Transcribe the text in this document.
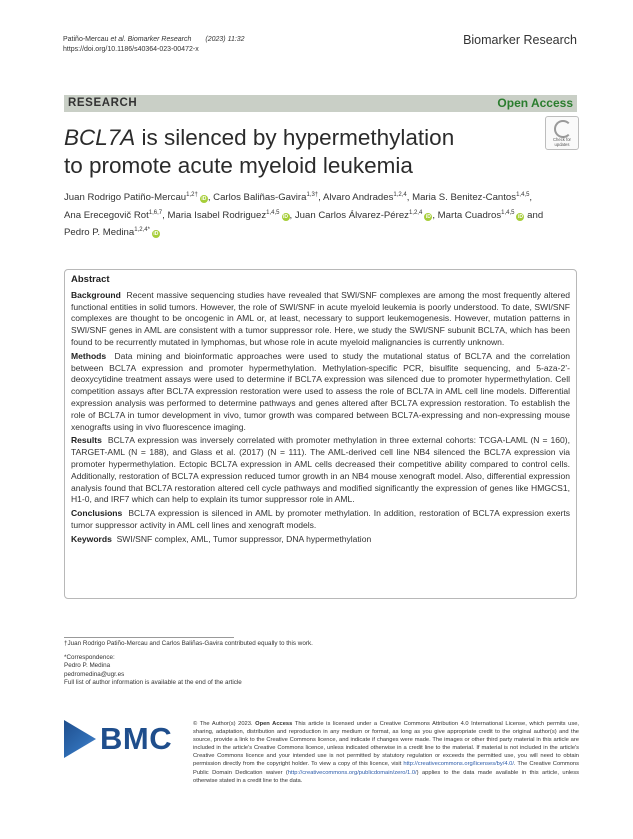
Patiño-Mercau et al. Biomarker Research (2023) 11:32
https://doi.org/10.1186/s40364-023-00472-x
Biomarker Research
RESEARCH	Open Access
BCL7A is silenced by hypermethylation
to promote acute myeloid leukemia
Check for
updates
Juan Rodrigo Patiño-Mercau$^{1,2\dagger}$iD , Carlos Baliñas-Gavira$^{1,3\dagger}$, Alvaro Andrades$^{1,2,4}$, Maria S. Benitez-Cantos$^{1,4,5}$,
Ana Erecegovič Rot$^{1,6,7}$, Maria Isabel Rodriguez$^{1,4,5}$iD , Juan Carlos Álvarez-Pérez$^{1,2,4}$iD , Marta Cuadros$^{1,4,5}$iD and
Pedro P. Medina$^{1,2,4*}$iD
Abstract

Background Recent massive sequencing studies have revealed that SWI/SNF complexes are among the most frequently altered functional entities in solid tumors. However, the role of SWI/SNF in acute myeloid leukemia is poorly understood. To date, SWI/SNF complexes are thought to be oncogenic in AML or, at least, necessary to support leukemogenesis. However, mutation patterns in SWI/SNF genes in AML are consistent with a tumor suppressor role. Here, we study the SWI/SNF subunit BCL7A, which has been found to be recurrently mutated in lymphomas, but whose role in acute myeloid malignancies is currently unknown.

Methods Data mining and bioinformatic approaches were used to study the mutational status of BCL7A and the correlation between BCL7A expression and promoter hypermethylation. Methylation-specific PCR, bisulfite sequencing, and 5-aza-2’-deoxycytidine treatment assays were used to determine if BCL7A expression was silenced due to promoter hypermethylation. Cell competition assays after BCL7A expression restoration were used to assess the role of BCL7A in AML cell line models. Differential expression analysis was performed to determine pathways and genes altered after BCL7A expression restoration. To establish the role of BCL7A in tumor development in vivo, tumor growth was compared between BCL7A-expressing and non-expressing mouse xenografts using in vivo fluorescence imaging.

Results BCL7A expression was inversely correlated with promoter methylation in three external cohorts: TCGA-LAML (N = 160), TARGET-AML (N = 188), and Glass et al. (2017) (N = 111). The AML-derived cell line NB4 silenced the BCL7A expression via promoter hypermethylation. Ectopic BCL7A expression in AML cells decreased their competitive ability compared to control cells. Additionally, restoration of BCL7A expression reduced tumor growth in an NB4 mouse xenograft model. Also, differential expression analysis found that BCL7A restoration altered cell cycle pathways and modified significantly the expression of genes like HMGCS1, H1-0, and IRF7 which can help to explain its tumor suppressor role in AML.

Conclusions BCL7A expression is silenced in AML by promoter methylation. In addition, restoration of BCL7A expression exerts tumor suppressor activity in AML cell lines and xenograft models.

Keywords SWI/SNF complex, AML, Tumor suppressor, DNA hypermethylation

†Juan Rodrigo Patiño-Mercau and Carlos Baliñas-Gavira contributed equally to this work.

*Correspondence:
Pedro P. Medina
pedromedina@ugr.es
Full list of author information is available at the end of the article

BMC	© The Author(s) 2023. Open Access This article is licensed under a Creative Commons Attribution 4.0 International License, which permits use, sharing, adaptation, distribution and reproduction in any medium or format, as long as you give appropriate credit to the original author(s) and the source, provide a link to the Creative Commons licence, and indicate if changes were made. The images or other third party material in this article are included in the article's Creative Commons licence, unless indicated otherwise in a credit line to the material. If material is not included in the article's Creative Commons licence and your intended use is not permitted by statutory regulation or exceeds the permitted use, you will need to obtain permission directly from the copyright holder. To view a copy of this licence, visit http://creativecommons.org/licenses/by/4.0/. The Creative Commons Public Domain Dedication waiver (http://creativecommons.org/publicdomain/zero/1.0/) applies to the data made available in this article, unless otherwise stated in a credit line to the data.
